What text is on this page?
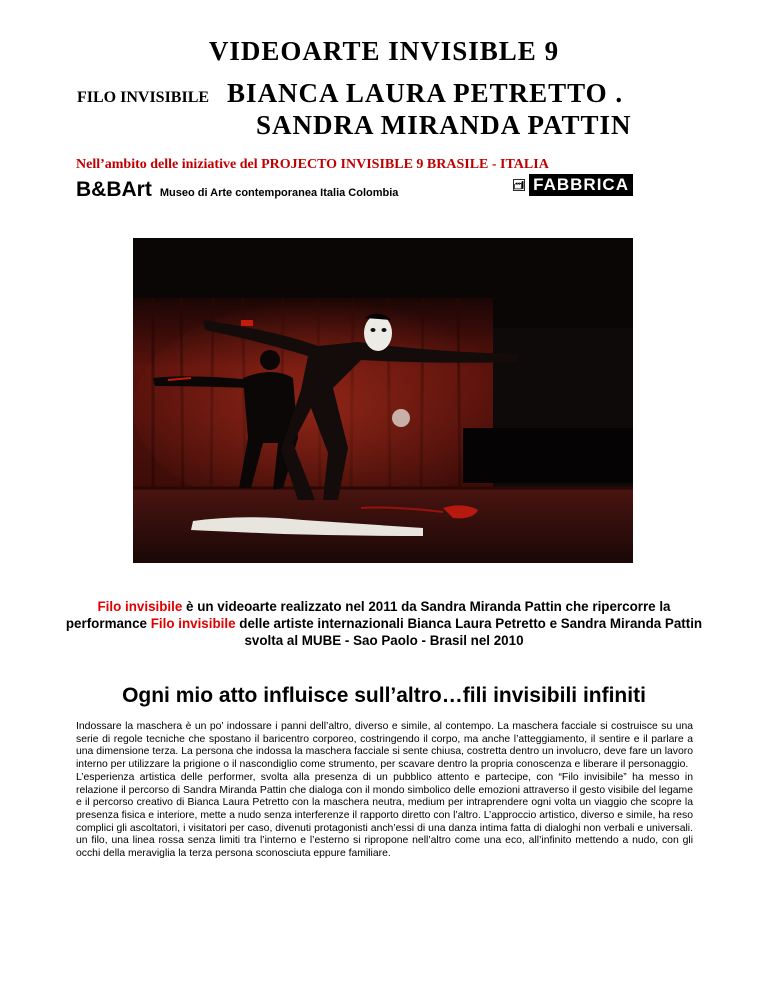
VIDEOARTE INVISIBLE 9
FILO INVISIBILE BIANCA LAURA PETRETTO .
SANDRA MIRANDA PATTIN
Nell’ambito delle iniziative del PROJECTO INVISIBLE 9 BRASILE - ITALIA
B&BArt Museo di Arte contemporanea Italia Colombia	FABBRICA
Filo invisibile è un videoarte realizzato nel 2011 da Sandra Miranda Pattin che ripercorre la performance Filo invisibile delle artiste internazionali Bianca Laura Petretto e Sandra Miranda Pattin svolta al MUBE - Sao Paolo - Brasil nel 2010
Ogni mio atto influisce sull’altro…fili invisibili infiniti

Indossare la maschera è un po’ indossare i panni dell’altro, diverso e simile, al contempo. La maschera facciale si costruisce su una serie di regole tecniche che spostano il baricentro corporeo, costringendo il corpo, ma anche l’atteggiamento, il sentire e il parlare a una dimensione terza. La persona che indossa la maschera facciale si sente chiusa, costretta dentro un involucro, deve fare un lavoro interno per utilizzare la prigione o il nascondiglio come strumento, per scavare dentro la propria conoscenza e liberare il personaggio.

L’esperienza artistica delle performer, svolta alla presenza di un pubblico attento e partecipe, con “Filo invisibile” ha messo in relazione il percorso di Sandra Miranda Pattin che dialoga con il mondo simbolico delle emozioni attraverso il gesto visibile del legame e il percorso creativo di Bianca Laura Petretto con la maschera neutra, medium per intraprendere ogni volta un viaggio che scopre la presenza fisica e interiore, mette a nudo senza interferenze il rapporto diretto con l’altro. L’approccio artistico, diverso e simile, ha reso complici gli ascoltatori, i visitatori per caso, divenuti protagonisti anch’essi di una danza intima fatta di dialoghi non verbali e universali. un filo, una linea rossa senza limiti tra l’interno e l’esterno si ripropone nell’altro come una eco, all’infinito mettendo a nudo, con gli occhi della meraviglia la terza persona sconosciuta eppure familiare.
